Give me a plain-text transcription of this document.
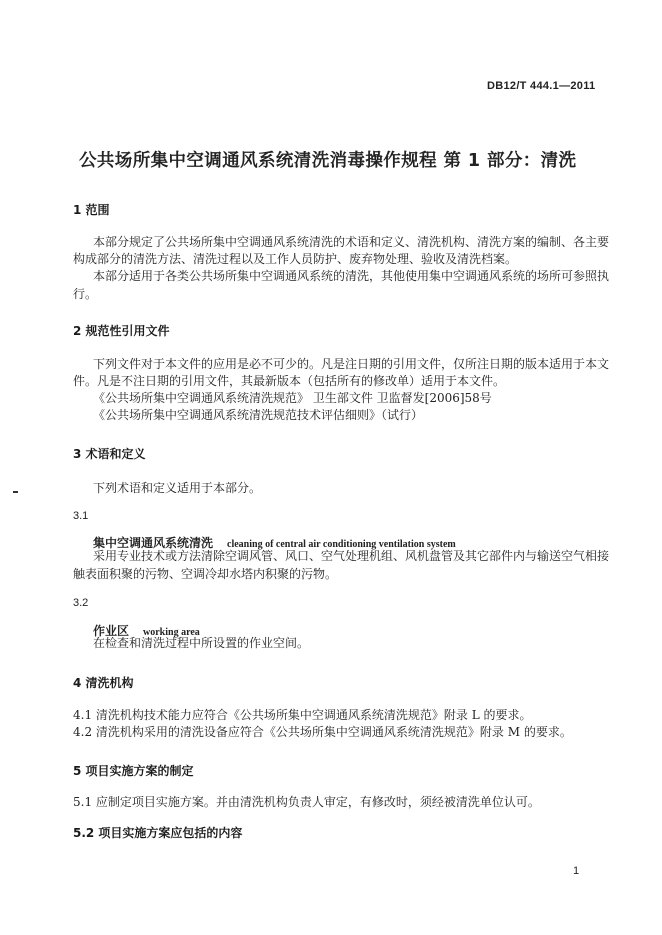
DB12/T 444.1—2011
公共场所集中空调通风系统清洗消毒操作规程 第 1 部分：清洗
1 范围
本部分规定了公共场所集中空调通风系统清洗的术语和定义、清洗机构、清洗方案的编制、各主要
构成部分的清洗方法、清洗过程以及工作人员防护、废弃物处理、验收及清洗档案。
本部分适用于各类公共场所集中空调通风系统的清洗，其他使用集中空调通风系统的场所可参照执
行。
2 规范性引用文件
下列文件对于本文件的应用是必不可少的。凡是注日期的引用文件，仅所注日期的版本适用于本文
件。凡是不注日期的引用文件，其最新版本（包括所有的修改单）适用于本文件。
《公共场所集中空调通风系统清洗规范》 卫生部文件 卫监督发[2006]58号
《公共场所集中空调通风系统清洗规范技术评估细则》（试行）
3 术语和定义
下列术语和定义适用于本部分。
3.1
集中空调通风系统清洗 cleaning of central air conditioning ventilation system
采用专业技术或方法清除空调风管、风口、空气处理机组、风机盘管及其它部件内与输送空气相接
触表面积聚的污物、空调冷却水塔内积聚的污物。
3.2
作业区 working area
在检查和清洗过程中所设置的作业空间。
4 清洗机构
4.1 清洗机构技术能力应符合《公共场所集中空调通风系统清洗规范》附录 L 的要求。
4.2 清洗机构采用的清洗设备应符合《公共场所集中空调通风系统清洗规范》附录 M 的要求。
5 项目实施方案的制定
5.1 应制定项目实施方案。并由清洗机构负责人审定，有修改时，须经被清洗单位认可。
5.2 项目实施方案应包括的内容
1
